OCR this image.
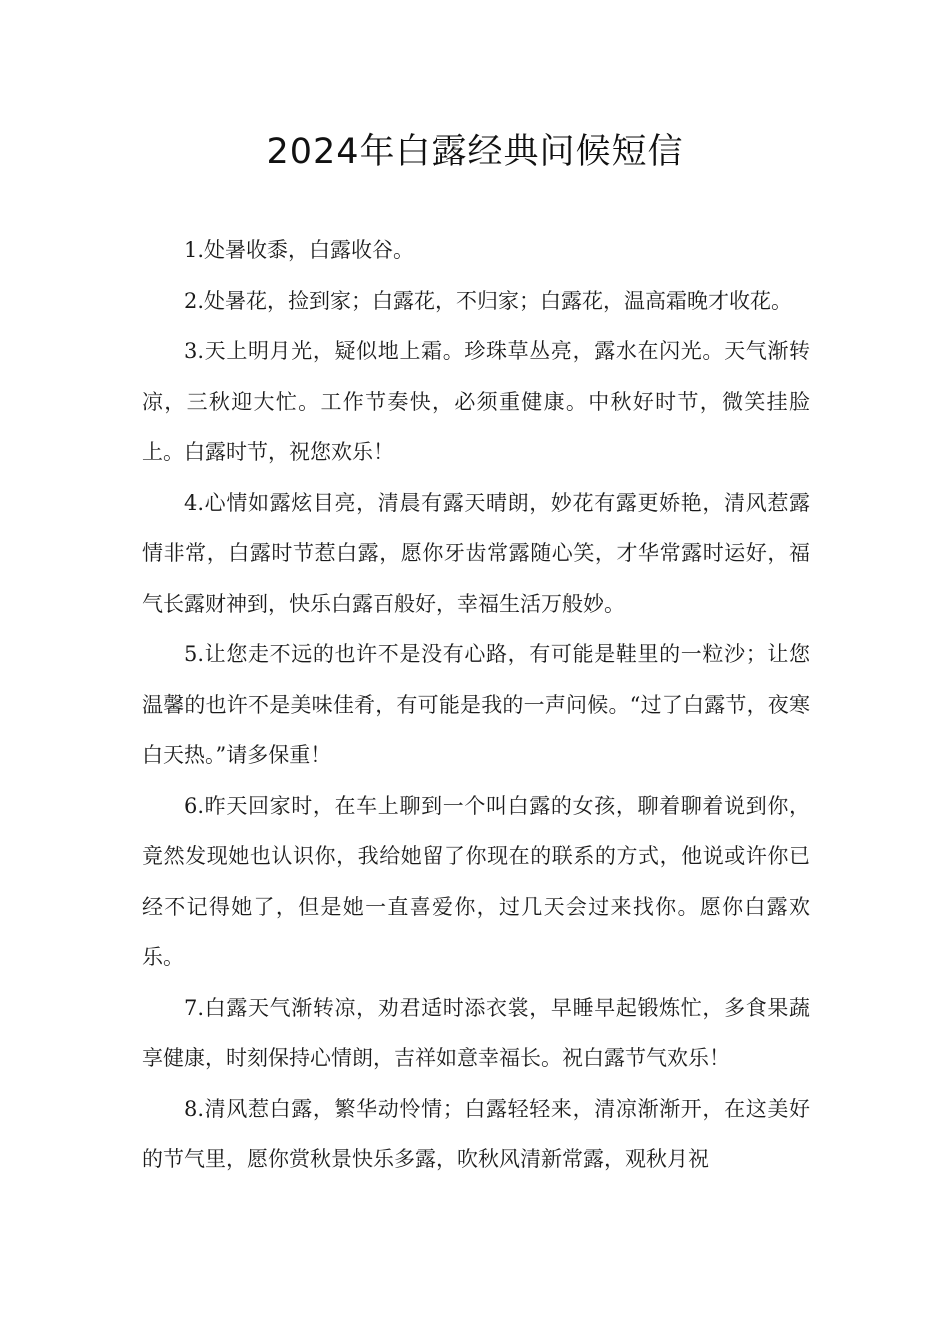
2024年白露经典问候短信

1.处暑收黍，白露收谷。

2.处暑花，捡到家；白露花，不归家；白露花，温高霜晚才收花。

3.天上明月光，疑似地上霜。珍珠草丛亮，露水在闪光。天气渐转凉，三秋迎大忙。工作节奏快，必须重健康。中秋好时节，微笑挂脸上。白露时节，祝您欢乐！

4.心情如露炫目亮，清晨有露天晴朗，妙花有露更娇艳，清风惹露情非常，白露时节惹白露，愿你牙齿常露随心笑，才华常露时运好，福气长露财神到，快乐白露百般好，幸福生活万般妙。

5.让您走不远的也许不是没有心路，有可能是鞋里的一粒沙；让您温馨的也许不是美味佳肴，有可能是我的一声问候。“过了白露节，夜寒白天热。”请多保重！

6.昨天回家时，在车上聊到一个叫白露的女孩，聊着聊着说到你，竟然发现她也认识你，我给她留了你现在的联系的方式，他说或许你已经不记得她了，但是她一直喜爱你，过几天会过来找你。愿你白露欢乐。

7.白露天气渐转凉，劝君适时添衣裳，早睡早起锻炼忙，多食果蔬享健康，时刻保持心情朗，吉祥如意幸福长。祝白露节气欢乐！

8.清风惹白露，繁华动怜情；白露轻轻来，清凉渐渐开，在这美好的节气里，愿你赏秋景快乐多露，吹秋风清新常露，观秋月祝
